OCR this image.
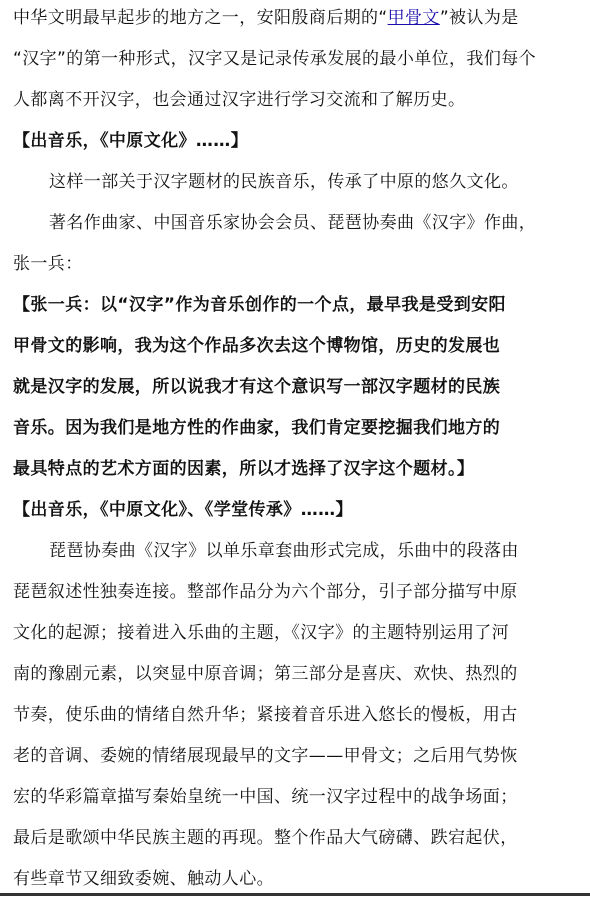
中华文明最早起步的地方之一，安阳殷商后期的“甲骨文”被认为是
“汉字”的第一种形式，汉字又是记录传承发展的最小单位，我们每个
人都离不开汉字，也会通过汉字进行学习交流和了解历史。
【出音乐，《中原文化》……】
这样一部关于汉字题材的民族音乐，传承了中原的悠久文化。
著名作曲家、中国音乐家协会会员、琵琶协奏曲《汉字》作曲，
张一兵：
【张一兵：以“汉字”作为音乐创作的一个点，最早我是受到安阳
甲骨文的影响，我为这个作品多次去这个博物馆，历史的发展也
就是汉字的发展，所以说我才有这个意识写一部汉字题材的民族
音乐。因为我们是地方性的作曲家，我们肯定要挖掘我们地方的
最具特点的艺术方面的因素，所以才选择了汉字这个题材。】
【出音乐，《中原文化》、《学堂传承》……】
琵琶协奏曲《汉字》以单乐章套曲形式完成，乐曲中的段落由
琵琶叙述性独奏连接。整部作品分为六个部分，引子部分描写中原
文化的起源；接着进入乐曲的主题，《汉字》的主题特别运用了河
南的豫剧元素，以突显中原音调；第三部分是喜庆、欢快、热烈的
节奏，使乐曲的情绪自然升华；紧接着音乐进入悠长的慢板，用古
老的音调、委婉的情绪展现最早的文字——甲骨文；之后用气势恢
宏的华彩篇章描写秦始皇统一中国、统一汉字过程中的战争场面；
最后是歌颂中华民族主题的再现。整个作品大气磅礴、跌宕起伏，
有些章节又细致委婉、触动人心。
